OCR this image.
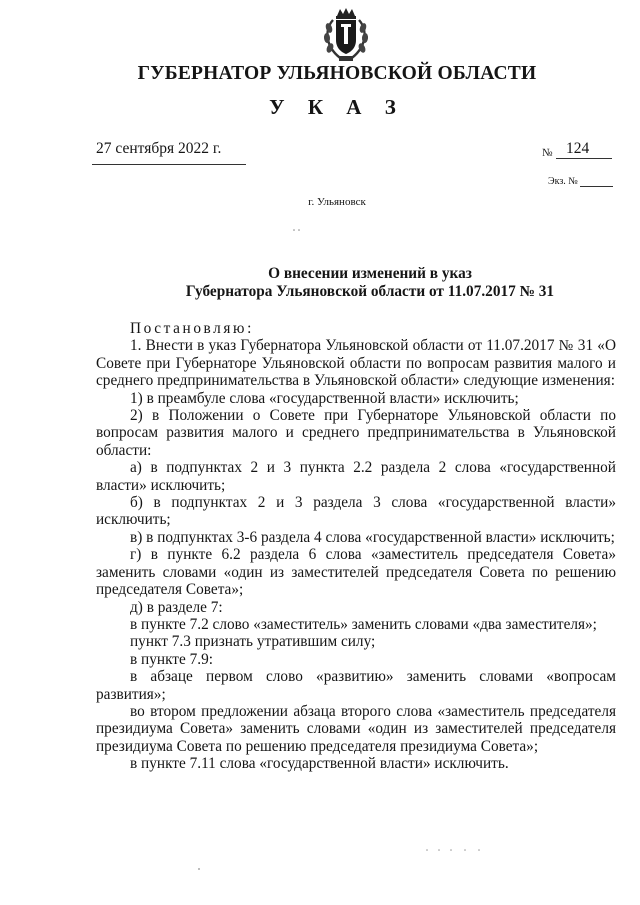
ГУБЕРНАТОР УЛЬЯНОВСКОЙ ОБЛАСТИ
У К А З
27 сентября 2022 г.	№ 124
Экз. №
г. Ульяновск
О внесении изменений в указ
Губернатора Ульяновской области от 11.07.2017 № 31

Постановляю:

1. Внести в указ Губернатора Ульяновской области от 11.07.2017 № 31 «О Совете при Губернаторе Ульяновской области по вопросам развития малого и среднего предпринимательства в Ульяновской области» следующие изменения:

1) в преамбуле слова «государственной власти» исключить;

2) в Положении о Совете при Губернаторе Ульяновской области по вопросам развития малого и среднего предпринимательства в Ульяновской области:

а) в подпунктах 2 и 3 пункта 2.2 раздела 2 слова «государственной власти» исключить;

б) в подпунктах 2 и 3 раздела 3 слова «государственной власти» исключить;

в) в подпунктах 3-6 раздела 4 слова «государственной власти» исключить;

г) в пункте 6.2 раздела 6 слова «заместитель председателя Совета» заменить словами «один из заместителей председателя Совета по решению председателя Совета»;

д) в разделе 7:

в пункте 7.2 слово «заместитель» заменить словами «два заместителя»;

пункт 7.3 признать утратившим силу;

в пункте 7.9:

в абзаце первом слово «развитию» заменить словами «вопросам развития»;

во втором предложении абзаца второго слова «заместитель председателя президиума Совета» заменить словами «один из заместителей председателя президиума Совета по решению председателя президиума Совета»;

в пункте 7.11 слова «государственной власти» исключить.
